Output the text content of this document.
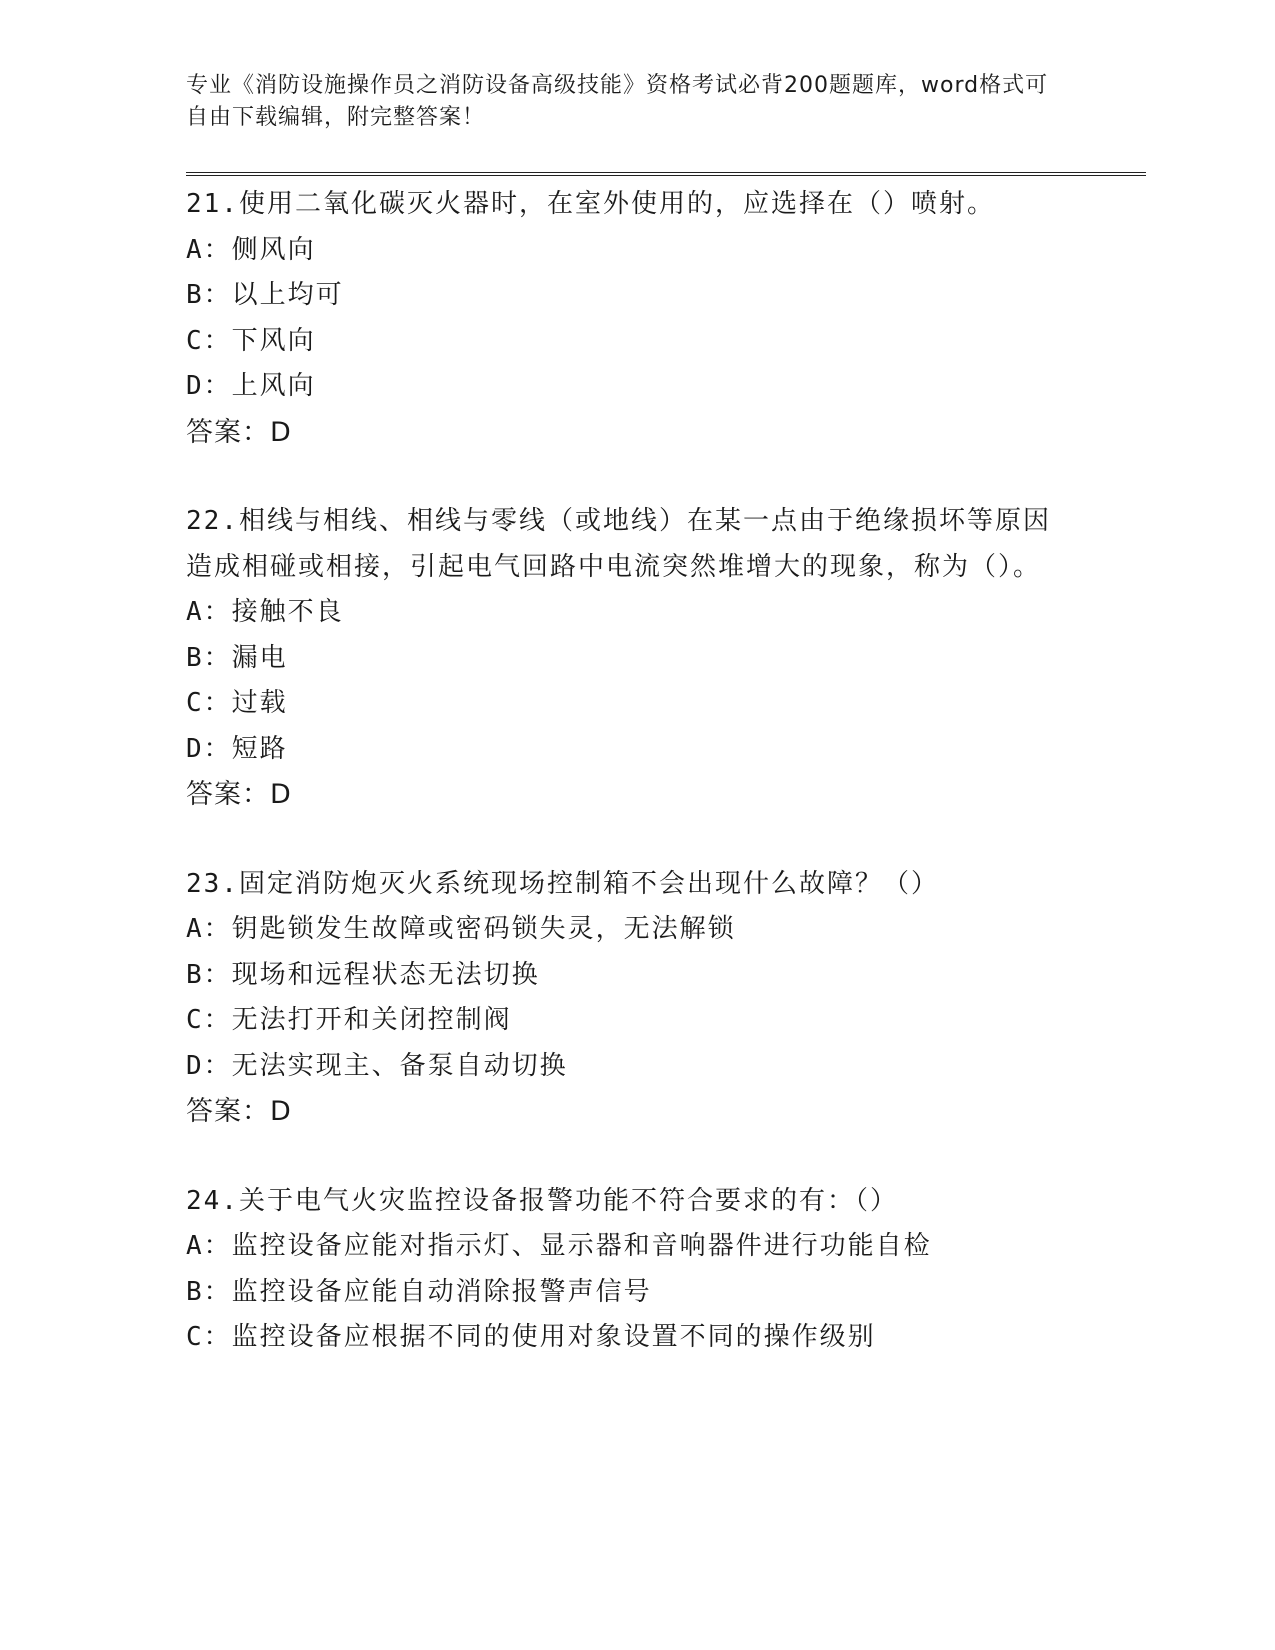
专业《消防设施操作员之消防设备高级技能》资格考试必背200题题库，word格式可自由下载编辑，附完整答案！

21.使用二氧化碳灭火器时，在室外使用的，应选择在（）喷射。

A：侧风向

B：以上均可

C：下风向

D：上风向

答案：D

22.相线与相线、相线与零线（或地线）在某一点由于绝缘损坏等原因造成相碰或相接，引起电气回路中电流突然堆增大的现象，称为（）。

A：接触不良

B：漏电

C：过载

D：短路

答案：D

23.固定消防炮灭火系统现场控制箱不会出现什么故障？（）

A：钥匙锁发生故障或密码锁失灵，无法解锁

B：现场和远程状态无法切换

C：无法打开和关闭控制阀

D：无法实现主、备泵自动切换

答案：D

24.关于电气火灾监控设备报警功能不符合要求的有：（）

A：监控设备应能对指示灯、显示器和音响器件进行功能自检

B：监控设备应能自动消除报警声信号

C：监控设备应根据不同的使用对象设置不同的操作级别
